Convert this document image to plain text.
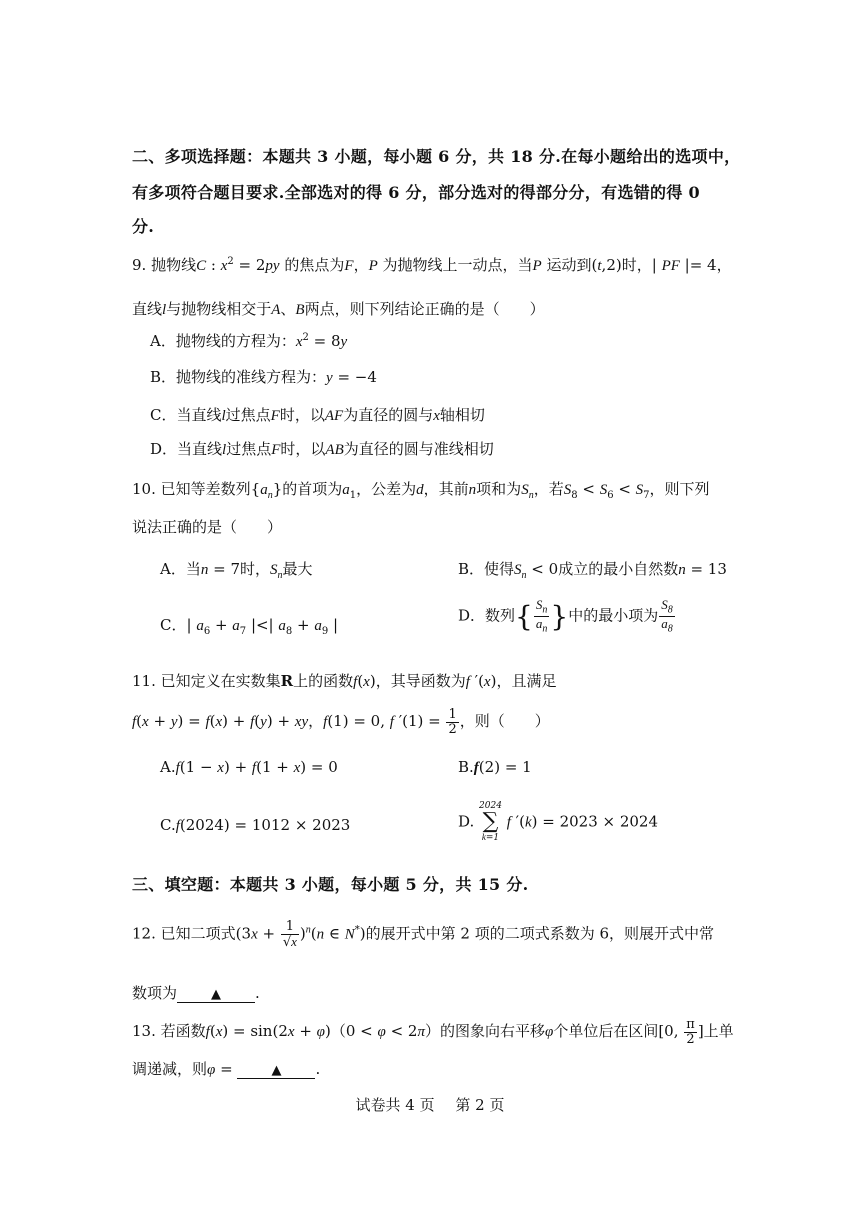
二、多项选择题：本题共 3 小题，每小题 6 分，共 18 分.在每小题给出的选项中，
有多项符合题目要求.全部选对的得 6 分，部分选对的得部分分，有选错的得 0
分.
9. 抛物线C : $x^2 = 2py$ 的焦点为F，P 为抛物线上一动点，当P 运动到(t,2)时，| PF |= 4，
直线l与抛物线相交于A、B两点，则下列结论正确的是（　　）
A．抛物线的方程为：$x^2 = 8y$
B．抛物线的准线方程为：y = −4
C．当直线l过焦点F时，以AF为直径的圆与x轴相切
D．当直线l过焦点F时，以AB为直径的圆与准线相切
10. 已知等差数列$\{a_n\}$的首项为$a_1$，公差为d，其前n项和为$S_n$，若$S_8 < S_6 < S_7$，则下列
说法正确的是（　　）
A．当n = 7时，$S_n$最大	B．使得$S_n < 0$成立的最小自然数n = 13
C．| $a_6 + a_7$ |<| $a_8 + a_9$ |
D．数列{ $\frac{S_n}{a_n}$ }中的最小项为 $\frac{S_8}{a_8}$
11. 已知定义在实数集R上的函数f(x)，其导函数为f ′(x)，且满足
f(x + y) = f(x) + f(y) + xy，f(1) = 0, f $'(1) = \frac{1}{2}$ ，则（　　）
A.f(1 − x) + f(1 + x) = 0	B.f(2) = 1
C.f(2024) = 1012 × 2023	D.
2024
∑
k=1
f ′(k) = 2023 × 2024
三、填空题：本题共 3 小题，每小题 5 分，共 15 分.
12. 已知二项式$(3x + \frac{1}{√x} )^n(n$ ∈ N*)的展开式中第 2 项的二项式系数为 6，则展开式中常
数项为	▲ .
13. 若函数f(x) = sin(2x + φ)（0 < φ < 2π）的图象向右平移φ个单位后在区间[0, $\frac{\pi}{2}$ ]上单
调递减，则φ =	▲ .
试卷共 4 页 第 2 页
